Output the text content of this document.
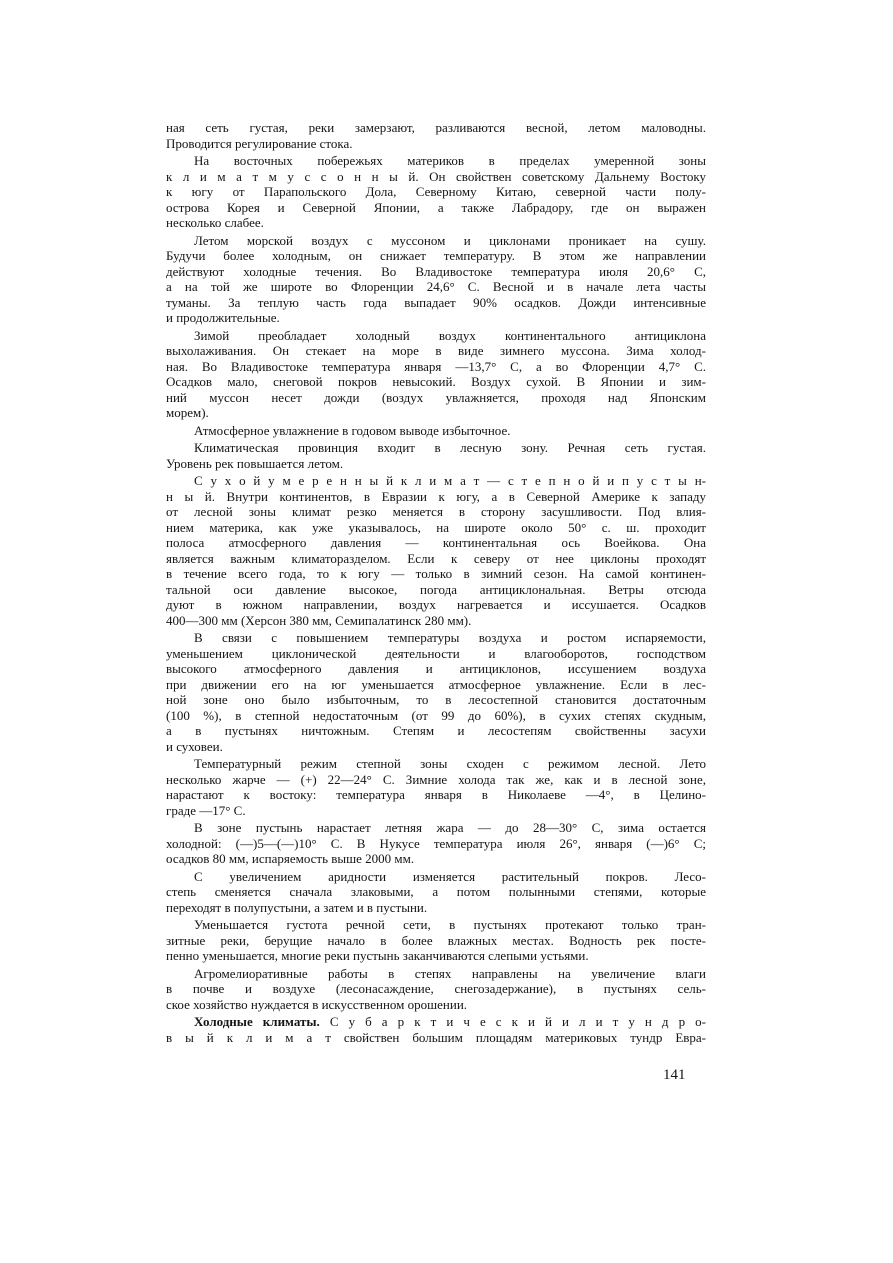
ная сеть густая, реки замерзают, разливаются весной, летом маловодны.
Проводится регулирование стока.
На восточных побережьях материков в пределах умеренной зоны
к л и м а т м у с с о н н ы й. Он свойствен советскому Дальнему Востоку
к югу от Парапольского Дола, Северному Китаю, северной части полу-
острова Корея и Северной Японии, а также Лабрадору, где он выражен
несколько слабее.
Летом морской воздух с муссоном и циклонами проникает на сушу.
Будучи более холодным, он снижает температуру. В этом же направлении
действуют холодные течения. Во Владивостоке температура июля 20,6° С,
а на той же широте во Флоренции 24,6° С. Весной и в начале лета часты
туманы. За теплую часть года выпадает 90% осадков. Дожди интенсивные
и продолжительные.
Зимой преобладает холодный воздух континентального антициклона
выхолаживания. Он стекает на море в виде зимнего муссона. Зима холод-
ная. Во Владивостоке температура января —13,7° С, а во Флоренции 4,7° С.
Осадков мало, снеговой покров невысокий. Воздух сухой. В Японии и зим-
ний муссон несет дожди (воздух увлажняется, проходя над Японским
морем).
Атмосферное увлажнение в годовом выводе избыточное.
Климатическая провинция входит в лесную зону. Речная сеть густая.
Уровень рек повышается летом.
С у х о й у м е р е н н ы й к л и м а т — с т е п н о й и п у с т ы н-
н ы й. Внутри континентов, в Евразии к югу, а в Северной Америке к западу
от лесной зоны климат резко меняется в сторону засушливости. Под влия-
нием материка, как уже указывалось, на широте около 50° с. ш. проходит
полоса атмосферного давления — континентальная ось Воейкова. Она
является важным климаторазделом. Если к северу от нее циклоны проходят
в течение всего года, то к югу — только в зимний сезон. На самой континен-
тальной оси давление высокое, погода антициклональная. Ветры отсюда
дуют в южном направлении, воздух нагревается и иссушается. Осадков
400—300 мм (Херсон 380 мм, Семипалатинск 280 мм).
В связи с повышением температуры воздуха и ростом испаряемости,
уменьшением циклонической деятельности и влагооборотов, господством
высокого атмосферного давления и антициклонов, иссушением воздуха
при движении его на юг уменьшается атмосферное увлажнение. Если в лес-
ной зоне оно было избыточным, то в лесостепной становится достаточным
(100 %), в степной недостаточным (от 99 до 60%), в сухих степях скудным,
а в пустынях ничтожным. Степям и лесостепям свойственны засухи
и суховеи.
Температурный режим степной зоны сходен с режимом лесной. Лето
несколько жарче — (+) 22—24° С. Зимние холода так же, как и в лесной зоне,
нарастают к востоку: температура января в Николаеве —4°, в Целино-
граде —17° С.
В зоне пустынь нарастает летняя жара — до 28—30° С, зима остается
холодной: (—)5—(—)10° С. В Нукусе температура июля 26°, января (—)6° С;
осадков 80 мм, испаряемость выше 2000 мм.
С увеличением аридности изменяется растительный покров. Лесо-
степь сменяется сначала злаковыми, а потом полынными степями, которые
переходят в полупустыни, а затем и в пустыни.
Уменьшается густота речной сети, в пустынях протекают только тран-
зитные реки, берущие начало в более влажных местах. Водность рек посте-
пенно уменьшается, многие реки пустынь заканчиваются слепыми устьями.
Агромелиоративные работы в степях направлены на увеличение влаги
в почве и воздухе (лесонасаждение, снегозадержание), в пустынях сель-
ское хозяйство нуждается в искусственном орошении.
Холодные климаты. С у б а р к т и ч е с к и й и л и т у н д р о-
в ы й к л и м а т свойствен большим площадям материковых тундр Евра-
141
